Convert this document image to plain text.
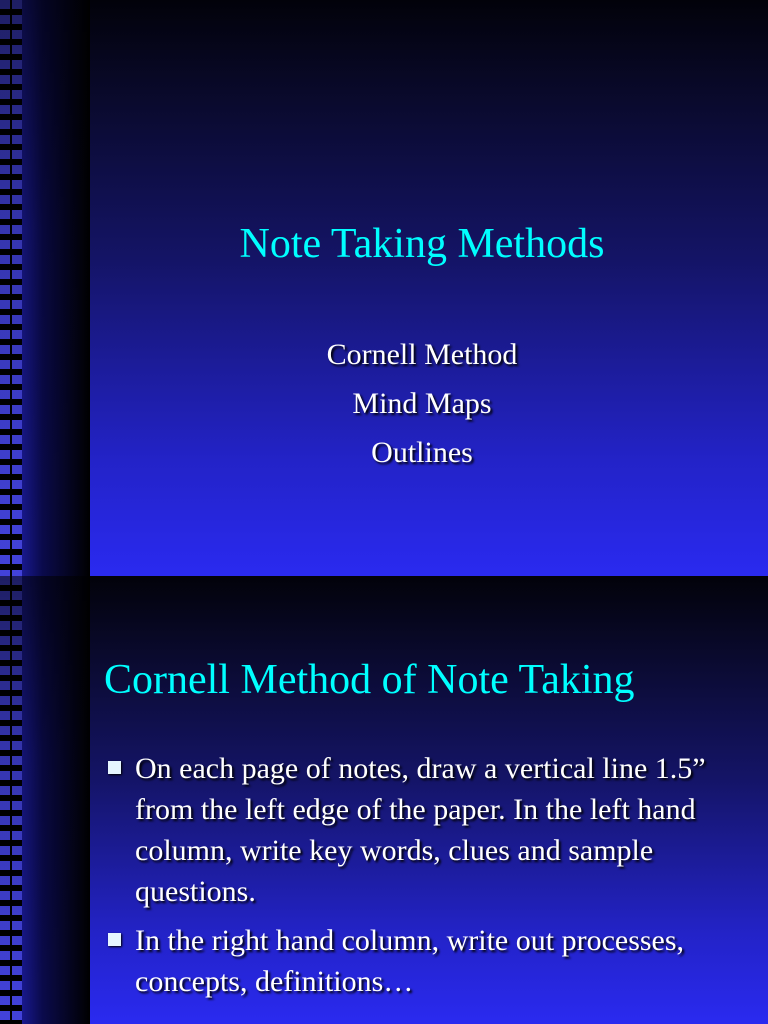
Note Taking Methods
Cornell Method
Mind Maps
Outlines
Cornell Method of Note Taking
On each page of notes, draw a vertical line 1.5” from the left edge of the paper. In the left hand column, write key words, clues and sample questions.
In the right hand column, write out processes, concepts, definitions…
